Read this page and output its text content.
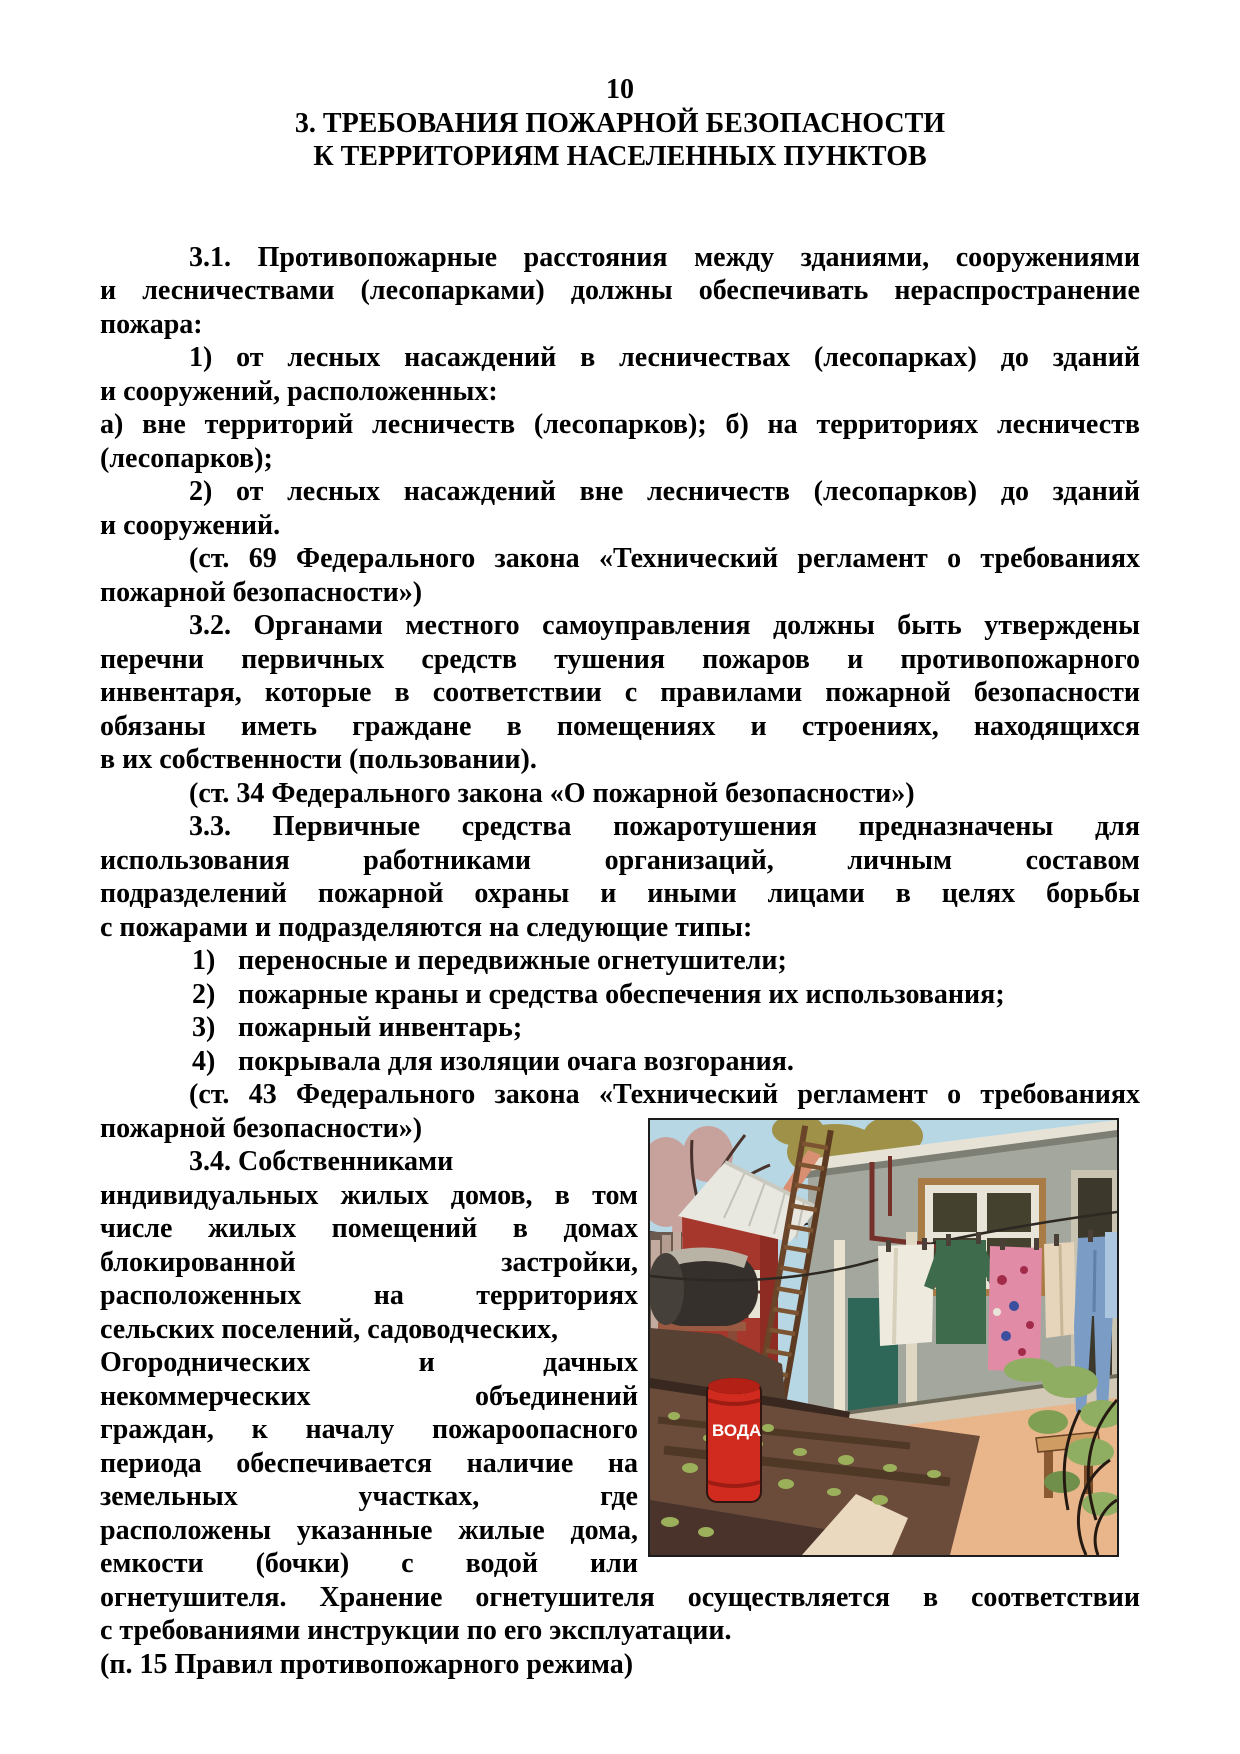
10
3. ТРЕБОВАНИЯ ПОЖАРНОЙ БЕЗОПАСНОСТИ
К ТЕРРИТОРИЯМ НАСЕЛЕННЫХ ПУНКТОВ
3.1. Противопожарные расстояния между зданиями, сооружениями
и лесничествами (лесопарками) должны обеспечивать нераспространение
пожара:
1) от лесных насаждений в лесничествах (лесопарках) до зданий
и сооружений, расположенных:
а) вне территорий лесничеств (лесопарков); б) на территориях лесничеств
(лесопарков);
2) от лесных насаждений вне лесничеств (лесопарков) до зданий
и сооружений.
(ст. 69 Федерального закона «Технический регламент о требованиях
пожарной безопасности»)
3.2. Органами местного самоуправления должны быть утверждены
перечни первичных средств тушения пожаров и противопожарного
инвентаря, которые в соответствии с правилами пожарной безопасности
обязаны иметь граждане в помещениях и строениях, находящихся
в их собственности (пользовании).
(ст. 34 Федерального закона «О пожарной безопасности»)
3.3. Первичные средства пожаротушения предназначены для
использования работниками организаций, личным составом
подразделений пожарной охраны и иными лицами в целях борьбы
с пожарами и подразделяются на следующие типы:
1) переносные и передвижные огнетушители;
2) пожарные краны и средства обеспечения их использования;
3) пожарный инвентарь;
4) покрывала для изоляции очага возгорания.
(ст. 43 Федерального закона «Технический регламент о требованиях
пожарной безопасности»)
3.4. Собственниками
индивидуальных жилых домов, в том
числе жилых помещений в домах
блокированной застройки,
расположенных на территориях
сельских поселений, садоводческих,
Огороднических и дачных
некоммерческих объединений
граждан, к началу пожароопасного
периода обеспечивается наличие на
земельных участках, где
расположены указанные жилые дома,
емкости (бочки) с водой или
огнетушителя. Хранение огнетушителя осуществляется в соответствии
с требованиями инструкции по его эксплуатации.
(п. 15 Правил противопожарного режима)
ВОДА
